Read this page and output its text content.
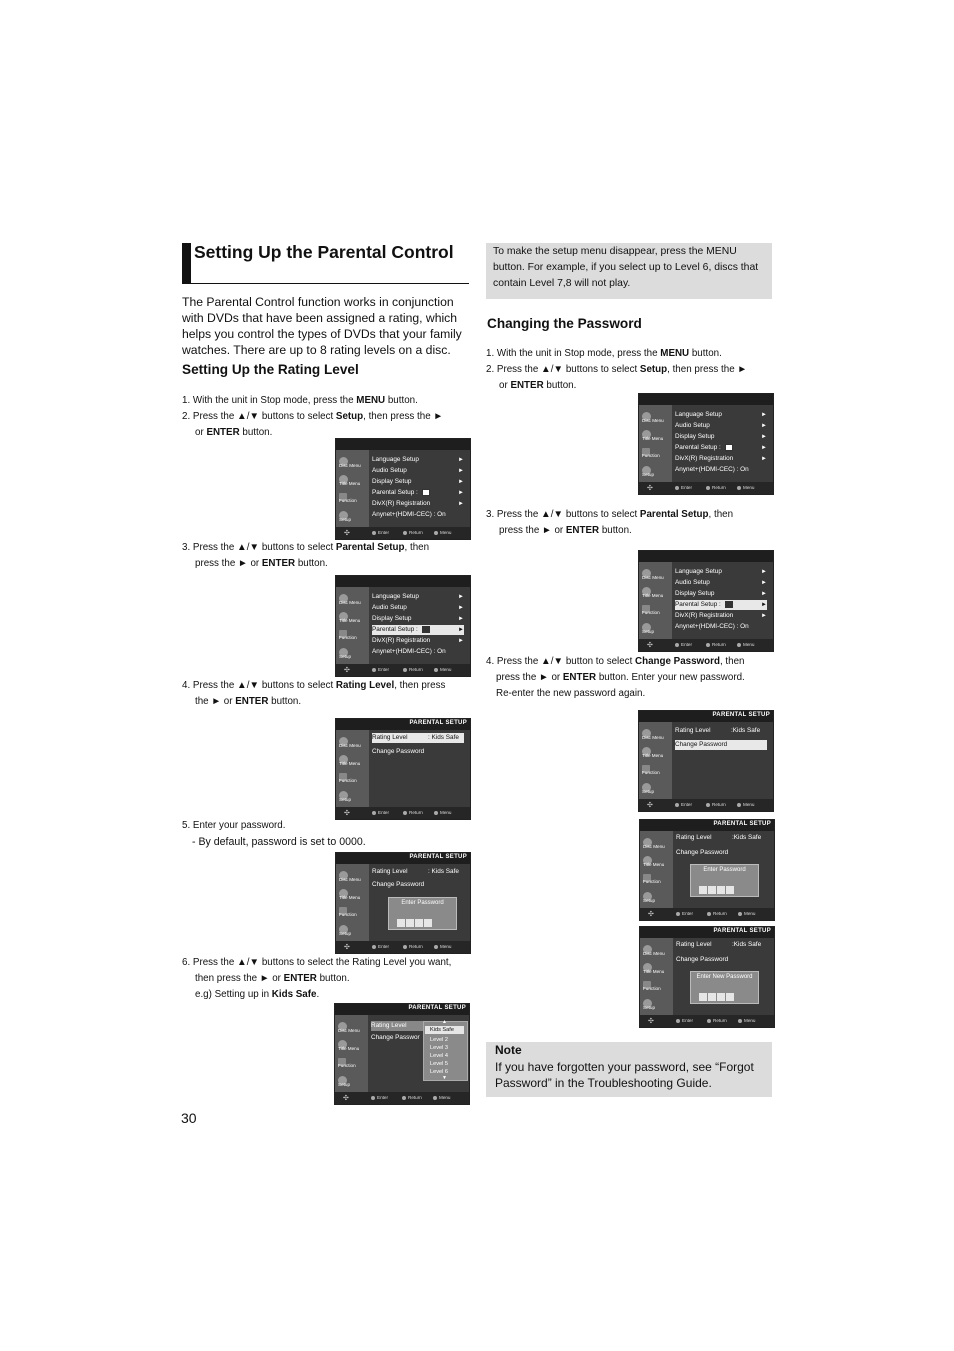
Setting Up the Parental Control
The Parental Control function works in conjunction with DVDs that have been assigned a rating, which helps you control the types of DVDs that your family watches. There are up to 8 rating levels on a disc.
Setting Up the Rating Level
1. With the unit in Stop mode, press the MENU button.
2. Press the ▲/▼ buttons to select Setup, then press the ►
or ENTER button.
Disc Menu
Title Menu
Function
Setup
Language Setup	►
Audio Setup	►
Display Setup	►
Parental Setup :	►
DivX(R) Registration	►
Anynet+(HDMI-CEC) : On
✣	Enter	Return	Menu
3. Press the ▲/▼ buttons to select Parental Setup, then
press the ► or ENTER button.
Disc Menu
Title Menu
Function
Setup
Language Setup	►
Audio Setup	►
Display Setup	►
Parental Setup :	►
DivX(R) Registration	►
Anynet+(HDMI-CEC) : On
✣	Enter	Return	Menu
4. Press the ▲/▼ buttons to select Rating Level, then press
the ► or ENTER button.
PARENTAL SETUP
Disc Menu
Title Menu
Function
Setup
Rating Level	: Kids Safe
Change Password
✣	Enter	Return	Menu
5. Enter your password.
- By default, password is set to 0000.
PARENTAL SETUP
Disc Menu
Title Menu
Function
Setup
Rating Level	: Kids Safe
Change Password
Enter Password
✣	Enter	Return	Menu
6. Press the ▲/▼ buttons to select the Rating Level you want,
then press the ► or ENTER button.
e.g) Setting up in Kids Safe.
PARENTAL SETUP
Disc Menu
Title Menu
Function
Setup
Rating Level
Change Passwor
▲
Kids Safe
Level 2
Level 3
Level 4
Level 5
Level 6
▼
✣	Enter	Return	Menu
30
To make the setup menu disappear, press the MENU button. For example, if you select up to Level 6, discs that contain Level 7,8 will not play.
Changing the Password
1. With the unit in Stop mode, press the MENU button.
2. Press the ▲/▼ buttons to select Setup, then press the ►
or ENTER button.
Disc Menu
Title Menu
Function
Setup
Language Setup	►
Audio Setup	►
Display Setup	►
Parental Setup :	►
DivX(R) Registration	►
Anynet+(HDMI-CEC) : On
✣	Enter	Return	Menu
3. Press the ▲/▼ buttons to select Parental Setup, then
press the ► or ENTER button.
Disc Menu
Title Menu
Function
Setup
Language Setup	►
Audio Setup	►
Display Setup	►
Parental Setup :	►
DivX(R) Registration	►
Anynet+(HDMI-CEC) : On
✣	Enter	Return	Menu
4. Press the ▲/▼ button to select Change Password, then
press the ► or ENTER button. Enter your new password.
Re-enter the new password again.
PARENTAL SETUP
Disc Menu
Title Menu
Function
Setup
Rating Level	:Kids Safe
Change Password
✣	Enter	Return	Menu
PARENTAL SETUP
Disc Menu
Title Menu
Function
Setup
Rating Level	:Kids Safe
Change Password
Enter Password
✣	Enter	Return	Menu
PARENTAL SETUP
Disc Menu
Title Menu
Function
Setup
Rating Level	:Kids Safe
Change Password
Enter New Password
✣	Enter	Return	Menu
Note
If you have forgotten your password, see “Forgot Password” in the Troubleshooting Guide.
